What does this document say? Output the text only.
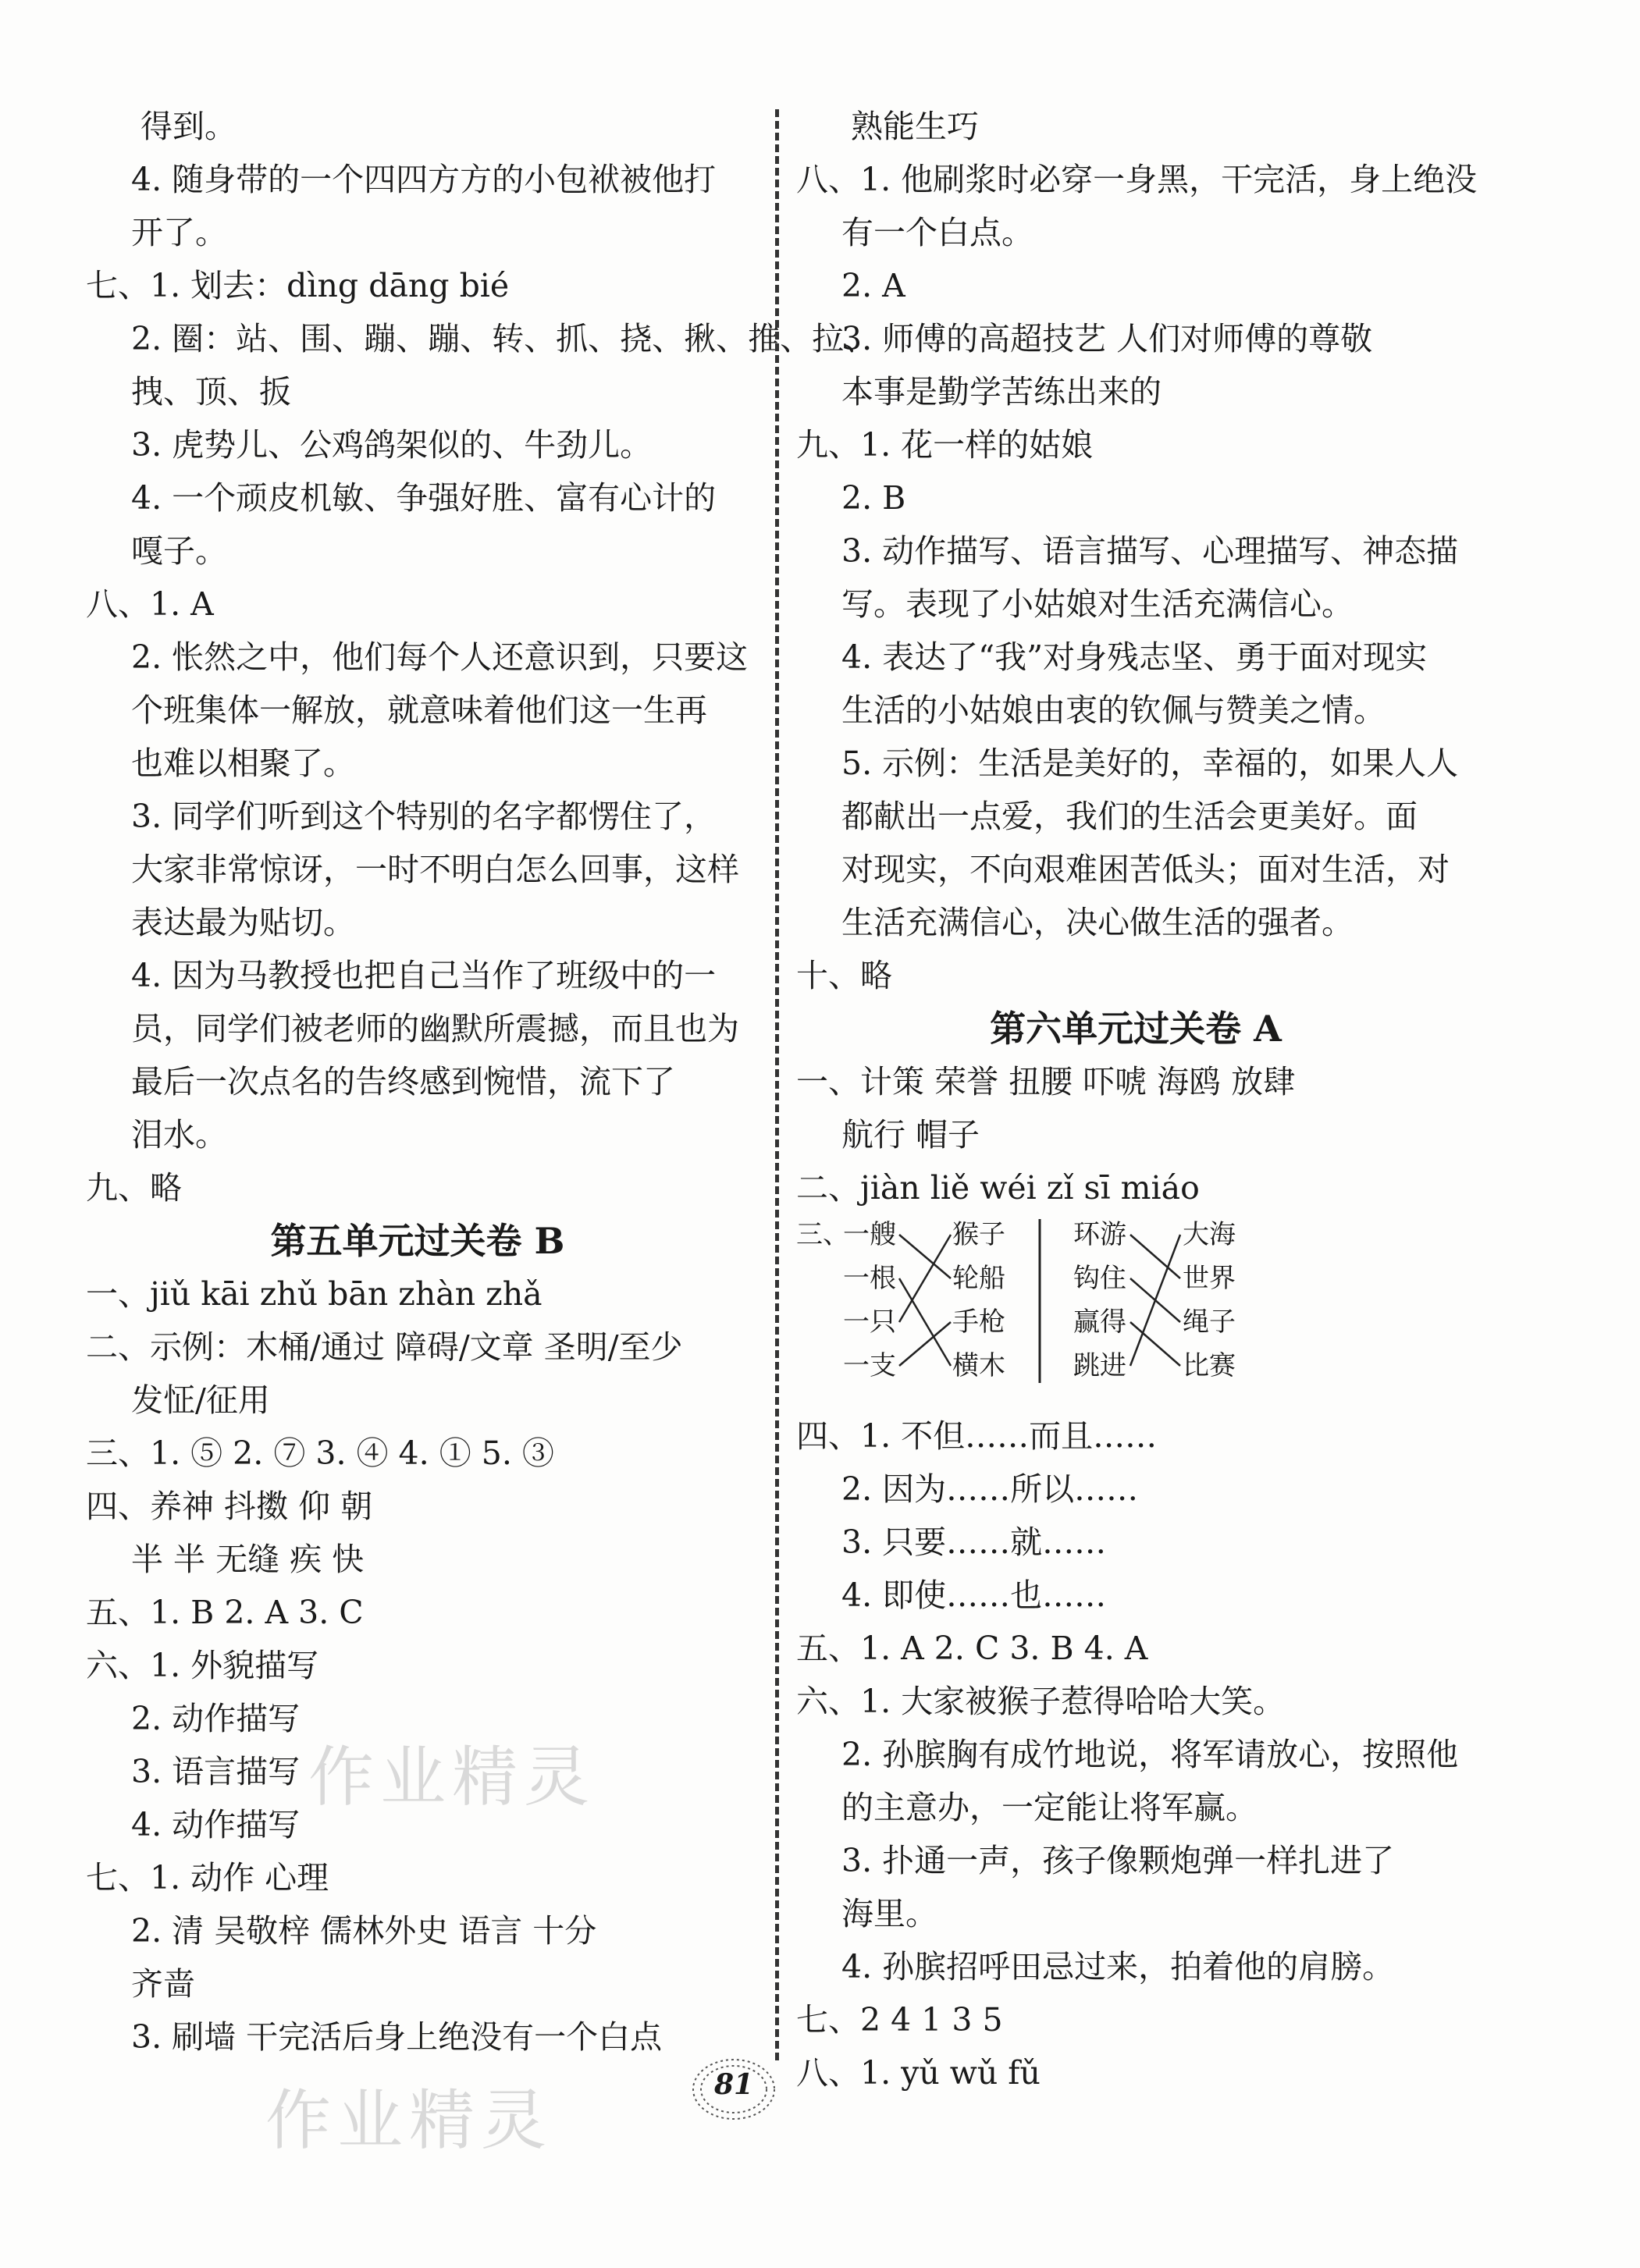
得到。
4. 随身带的一个四四方方的小包袱被他打
开了。
七、1. 划去：dìng dāng bié
2. 圈：站、围、蹦、蹦、转、抓、挠、揪、推、拉、
拽、顶、扳
3. 虎势儿、公鸡鸽架似的、牛劲儿。
4. 一个顽皮机敏、争强好胜、富有心计的
嘎子。
八、1. A
2. 怅然之中，他们每个人还意识到，只要这
个班集体一解放，就意味着他们这一生再
也难以相聚了。
3. 同学们听到这个特别的名字都愣住了，
大家非常惊讶，一时不明白怎么回事，这样
表达最为贴切。
4. 因为马教授也把自己当作了班级中的一
员，同学们被老师的幽默所震撼，而且也为
最后一次点名的告终感到惋惜，流下了
泪水。
九、略
第五单元过关卷 B
一、jiǔ kāi zhǔ bān zhàn zhǎ
二、示例：木桶/通过 障碍/文章 圣明/至少
发怔/征用
三、1. ⑤ 2. ⑦ 3. ④ 4. ① 5. ③
四、养神 抖擞 仰 朝
半 半 无缝 疾 快
五、1. B 2. A 3. C
六、1. 外貌描写
2. 动作描写
3. 语言描写
4. 动作描写
七、1. 动作 心理
2. 清 吴敬梓 儒林外史 语言 十分
齐啬
3. 刷墙 干完活后身上绝没有一个白点
熟能生巧
八、1. 他刷浆时必穿一身黑，干完活，身上绝没
有一个白点。
2. A
3. 师傅的高超技艺 人们对师傅的尊敬
本事是勤学苦练出来的
九、1. 花一样的姑娘
2. B
3. 动作描写、语言描写、心理描写、神态描
写。表现了小姑娘对生活充满信心。
4. 表达了“我”对身残志坚、勇于面对现实
生活的小姑娘由衷的钦佩与赞美之情。
5. 示例：生活是美好的，幸福的，如果人人
都献出一点爱，我们的生活会更美好。面
对现实，不向艰难困苦低头；面对生活，对
生活充满信心，决心做生活的强者。
十、略
第六单元过关卷 A
一、计策 荣誉 扭腰 吓唬 海鸥 放肆
航行 帽子
二、jiàn liě wéi zǐ sī miáo
三、
一艘
一根
一只
一支
猴子
轮船
手枪
横木
环游
钩住
赢得
跳进
大海
世界
绳子
比赛
四、1. 不但……而且……
2. 因为……所以……
3. 只要……就……
4. 即使……也……
五、1. A 2. C 3. B 4. A
六、1. 大家被猴子惹得哈哈大笑。
2. 孙膑胸有成竹地说，将军请放心，按照他
的主意办，一定能让将军赢。
3. 扑通一声，孩子像颗炮弹一样扎进了
海里。
4. 孙膑招呼田忌过来，拍着他的肩膀。
七、2 4 1 3 5
八、1. yǔ wǔ fǔ
作业精灵
作业精灵	81
